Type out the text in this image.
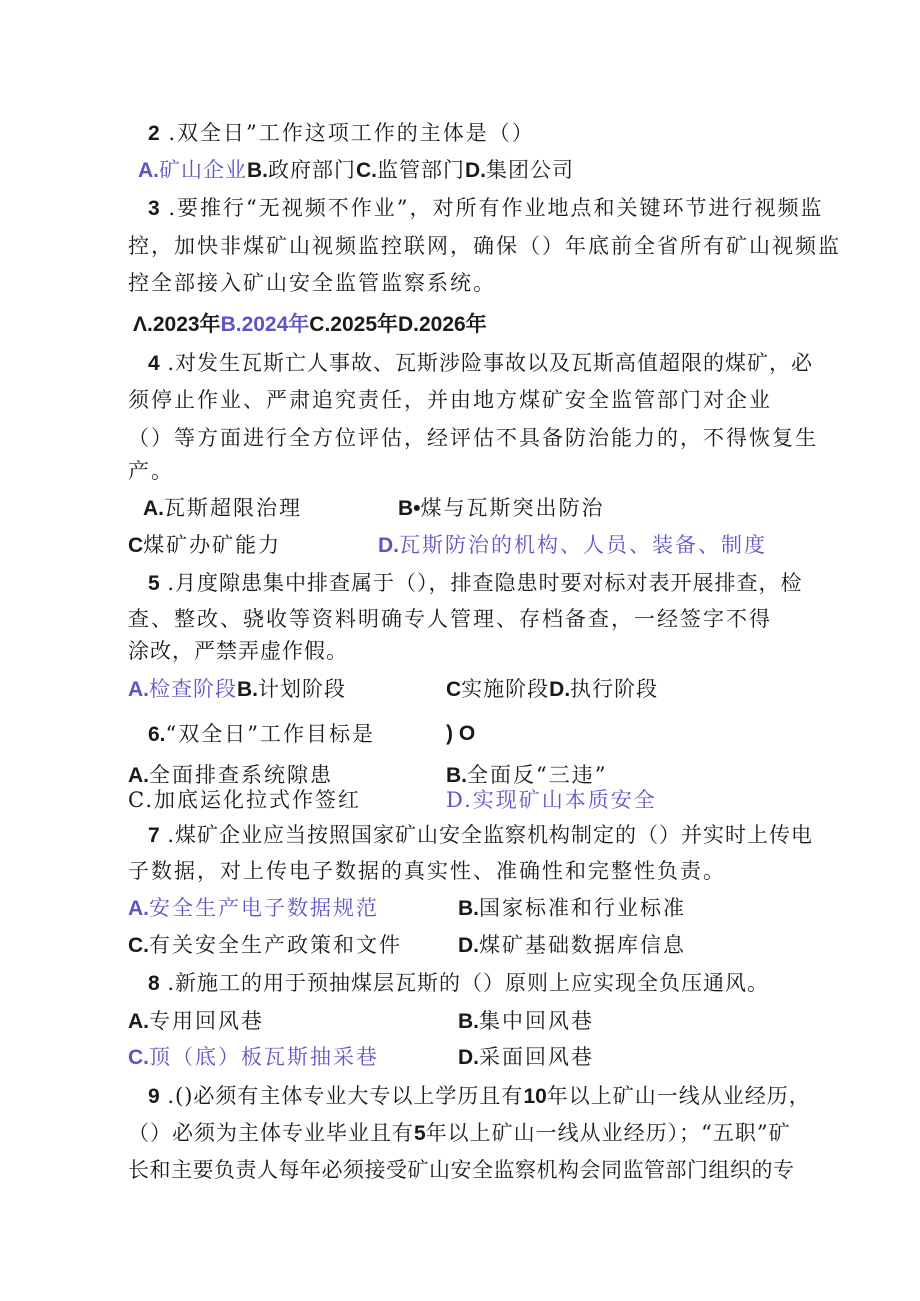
2 .双全日”工作这项工作的主体是（）
A.矿山企业B.政府部门C.监管部门D.集团公司
3 .要推行“无视频不作业”，对所有作业地点和关键环节进行视频监
控，加快非煤矿山视频监控联网，确保（）年底前全省所有矿山视频监
控全部接入矿山安全监管监察系统。
Λ.2023年B.2024年C.2025年D.2026年
4 .对发生瓦斯亡人事故、瓦斯涉险事故以及瓦斯高值超限的煤矿，必
须停止作业、严肃追究责任，并由地方煤矿安全监管部门对企业
（）等方面进行全方位评估，经评估不具备防治能力的，不得恢复生
产。
A.瓦斯超限治理	B•煤与瓦斯突出防治
C煤矿办矿能力	D.瓦斯防治的机构、人员、装备、制度
5 .月度隙患集中排查属于（），排查隐患时要对标对表开展排查，检
查、整改、骁收等资料明确专人管理、存档备查，一经签字不得
涂改，严禁弄虚作假。
A.检查阶段B.计划阶段	C实施阶段D.执行阶段
6.“双全日”工作目标是	) O
A.全面排查系统隙患	B.全面反“三违”
C.加底运化拉式作签红	D.实现矿山本质安全
7 .煤矿企业应当按照国家矿山安全监察机构制定的（）并实时上传电
子数据，对上传电子数据的真实性、准确性和完整性负责。
A.安全生产电子数据规范	B.国家标准和行业标准
C.有关安全生产政策和文件	D.煤矿基础数据库信息
8 .新施工的用于预抽煤层瓦斯的（）原则上应实现全负压通风。
A.专用回风巷	B.集中回风巷
C.顶（底）板瓦斯抽采巷	D.采面回风巷
9 .()必须有主体专业大专以上学历且有10年以上矿山一线从业经历，
（）必须为主体专业毕业且有5年以上矿山一线从业经历）；“五职”矿
长和主要负责人每年必须接受矿山安全监察机构会同监管部门组织的专
